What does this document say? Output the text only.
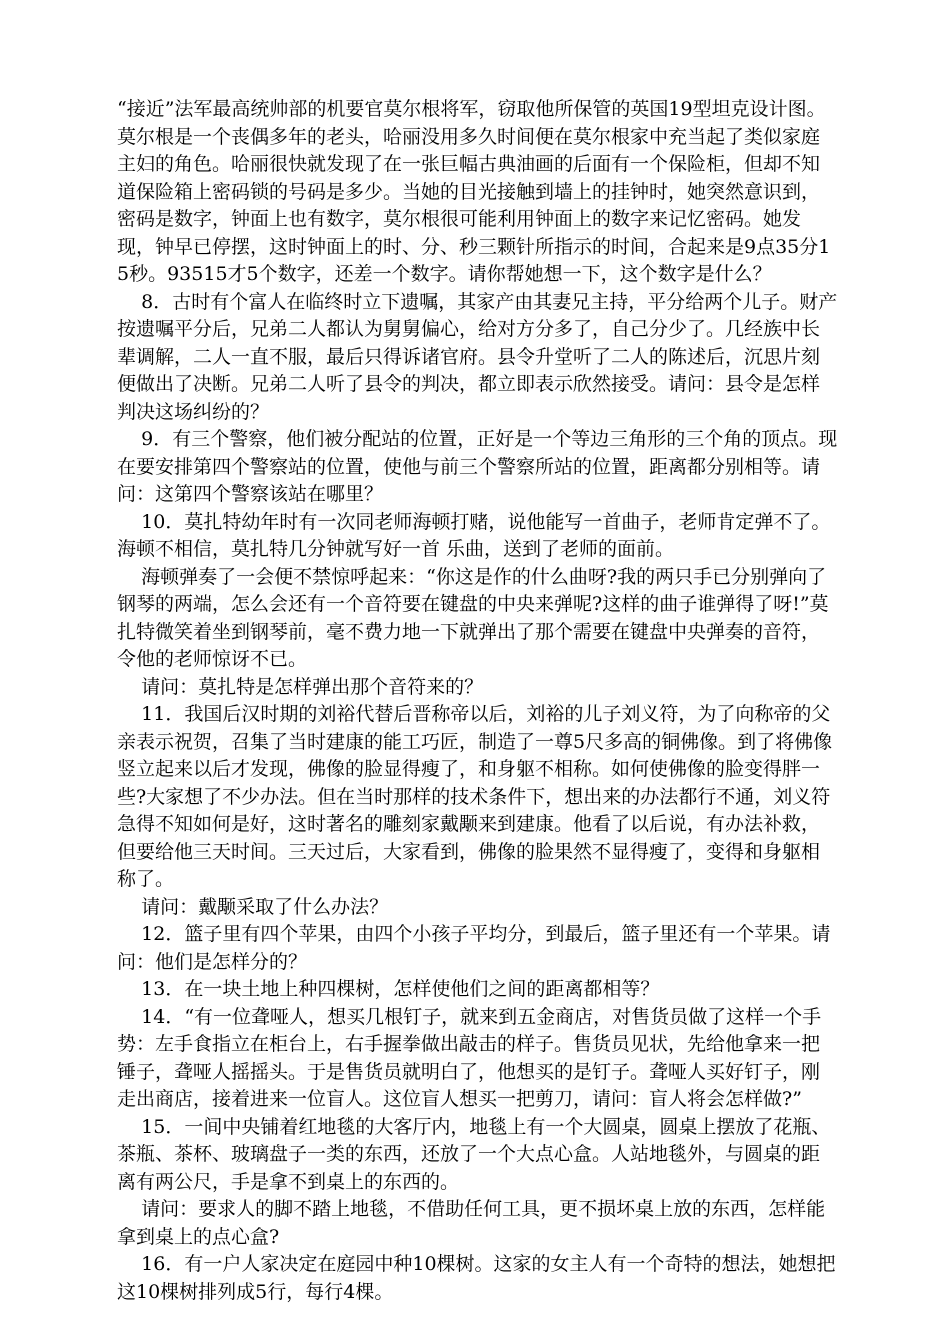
“接近”法军最高统帅部的机要官莫尔根将军，窃取他所保管的英国19型坦克设计图。莫尔根是一个丧偶多年的老头，哈丽没用多久时间便在莫尔根家中充当起了类似家庭主妇的角色。哈丽很快就发现了在一张巨幅古典油画的后面有一个保险柜，但却不知道保险箱上密码锁的号码是多少。当她的目光接触到墙上的挂钟时，她突然意识到，密码是数字，钟面上也有数字，莫尔根很可能利用钟面上的数字来记忆密码。她发现，钟早已停摆，这时钟面上的时、分、秒三颗针所指示的时间，合起来是9点35分15秒。93515才5个数字，还差一个数字。请你帮她想一下，这个数字是什么？

8．古时有个富人在临终时立下遗嘱，其家产由其妻兄主持，平分给两个儿子。财产按遗嘱平分后，兄弟二人都认为舅舅偏心，给对方分多了，自己分少了。几经族中长辈调解，二人一直不服，最后只得诉诸官府。县令升堂听了二人的陈述后，沉思片刻便做出了决断。兄弟二人听了县令的判决，都立即表示欣然接受。请问：县令是怎样判决这场纠纷的？

9．有三个警察，他们被分配站的位置，正好是一个等边三角形的三个角的顶点。现在要安排第四个警察站的位置，使他与前三个警察所站的位置，距离都分别相等。请问：这第四个警察该站在哪里？

10．莫扎特幼年时有一次同老师海顿打赌，说他能写一首曲子，老师肯定弹不了。海顿不相信，莫扎特几分钟就写好一首 乐曲，送到了老师的面前。

海顿弹奏了一会便不禁惊呼起来：“你这是作的什么曲呀?我的两只手已分别弹向了钢琴的两端，怎么会还有一个音符要在键盘的中央来弹呢?这样的曲子谁弹得了呀!”莫扎特微笑着坐到钢琴前，毫不费力地一下就弹出了那个需要在键盘中央弹奏的音符，令他的老师惊讶不已。

请问：莫扎特是怎样弹出那个音符来的？

11．我国后汉时期的刘裕代替后晋称帝以后，刘裕的儿子刘义符，为了向称帝的父亲表示祝贺，召集了当时建康的能工巧匠，制造了一尊5尺多高的铜佛像。到了将佛像竖立起来以后才发现，佛像的脸显得瘦了，和身躯不相称。如何使佛像的脸变得胖一些?大家想了不少办法。但在当时那样的技术条件下，想出来的办法都行不通，刘义符急得不知如何是好，这时著名的雕刻家戴颙来到建康。他看了以后说，有办法补救，但要给他三天时间。三天过后，大家看到，佛像的脸果然不显得瘦了，变得和身躯相称了。

请问：戴颙采取了什么办法？

12．篮子里有四个苹果，由四个小孩子平均分，到最后，篮子里还有一个苹果。请问：他们是怎样分的？

13．在一块土地上种四棵树，怎样使他们之间的距离都相等？

14．“有一位聋哑人，想买几根钉子，就来到五金商店，对售货员做了这样一个手势：左手食指立在柜台上，右手握拳做出敲击的样子。售货员见状，先给他拿来一把锤子，聋哑人摇摇头。于是售货员就明白了，他想买的是钉子。聋哑人买好钉子，刚走出商店，接着进来一位盲人。这位盲人想买一把剪刀，请问：盲人将会怎样做?”

15．一间中央铺着红地毯的大客厅内，地毯上有一个大圆桌，圆桌上摆放了花瓶、茶瓶、茶杯、玻璃盘子一类的东西，还放了一个大点心盒。人站地毯外，与圆桌的距离有两公尺，手是拿不到桌上的东西的。

请问：要求人的脚不踏上地毯，不借助任何工具，更不损坏桌上放的东西，怎样能拿到桌上的点心盒?

16．有一户人家决定在庭园中种10棵树。这家的女主人有一个奇特的想法，她想把这10棵树排列成5行，每行4棵。
